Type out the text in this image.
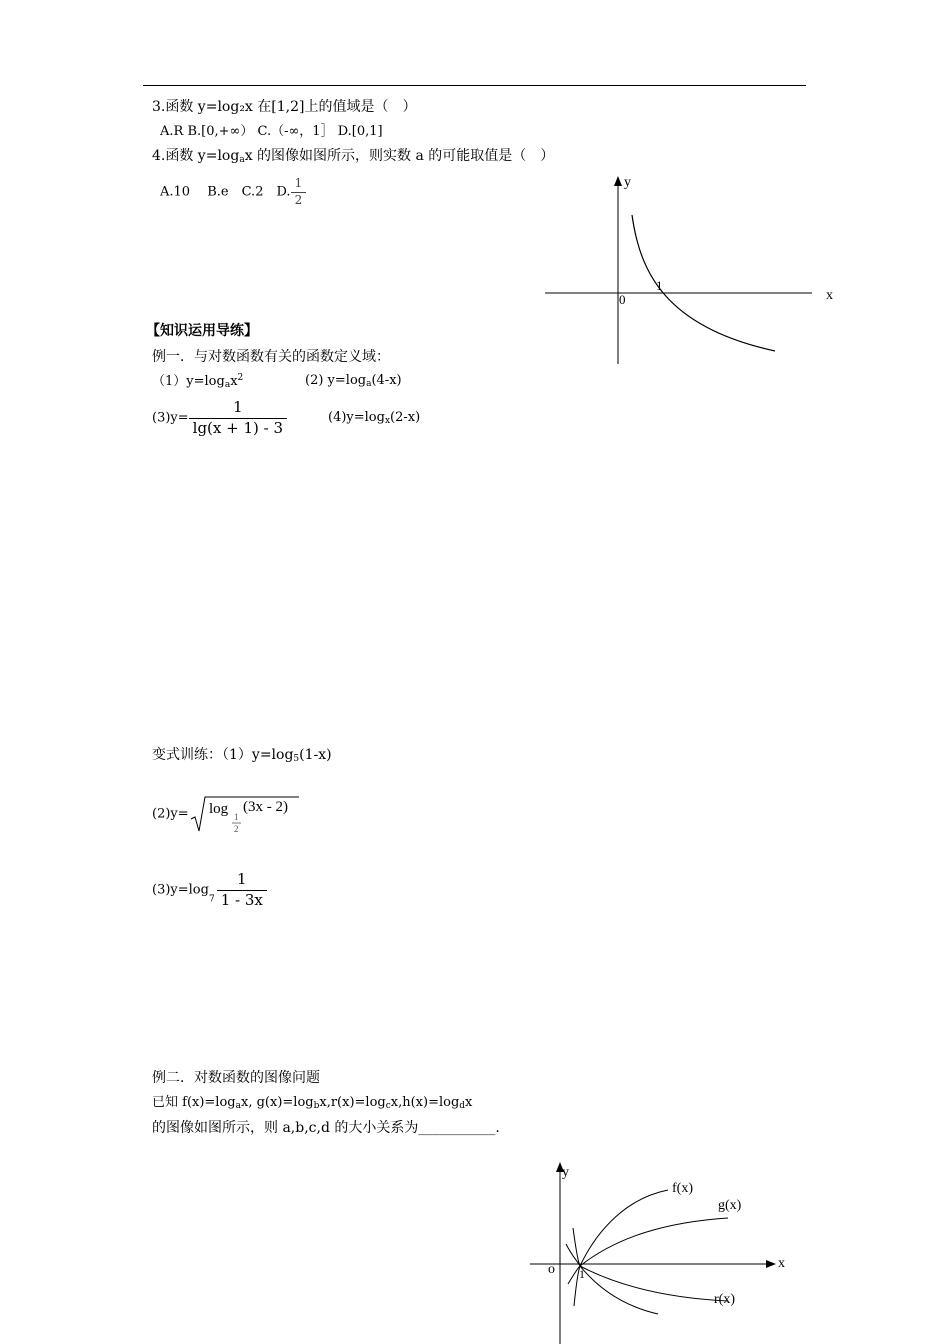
3.函数 y=log₂x 在[1,2]上的值域是（　）
A.R B.[0,+∞） C.（-∞，1］ D.[0,1]
4.函数 $y=\log_ax$ 的图像如图所示，则实数 a 的可能取值是（　）
A.10　 B.e　C.2　D. $\frac{1}{2}$	y
x
0
1
【知识运用导练】
例一．与对数函数有关的函数定义域：
$(1)y=\log_ax^2$	(2) $y=\log_a(4-x)$
$(3)y= \frac{1}{\lg(x + 1) - 3}$	$(4)y=\log_x(2-x)$
变式训练：$(1)y=\log_5(1-x)$
(2)y= log 1
2
(3x - 2)
$(3)y=\log_7 \frac{1}{1 - 3x}$
例二．对数函数的图像问题
已知 $f(x)=\log_ax$, $g(x)=\log_bx,r(x)=\log_cx,h(x)=\log_dx$
的图像如图所示，则 a,b,c,d 的大小关系为___________.
y
x
o 1
f(x)
g(x)
r(x)
